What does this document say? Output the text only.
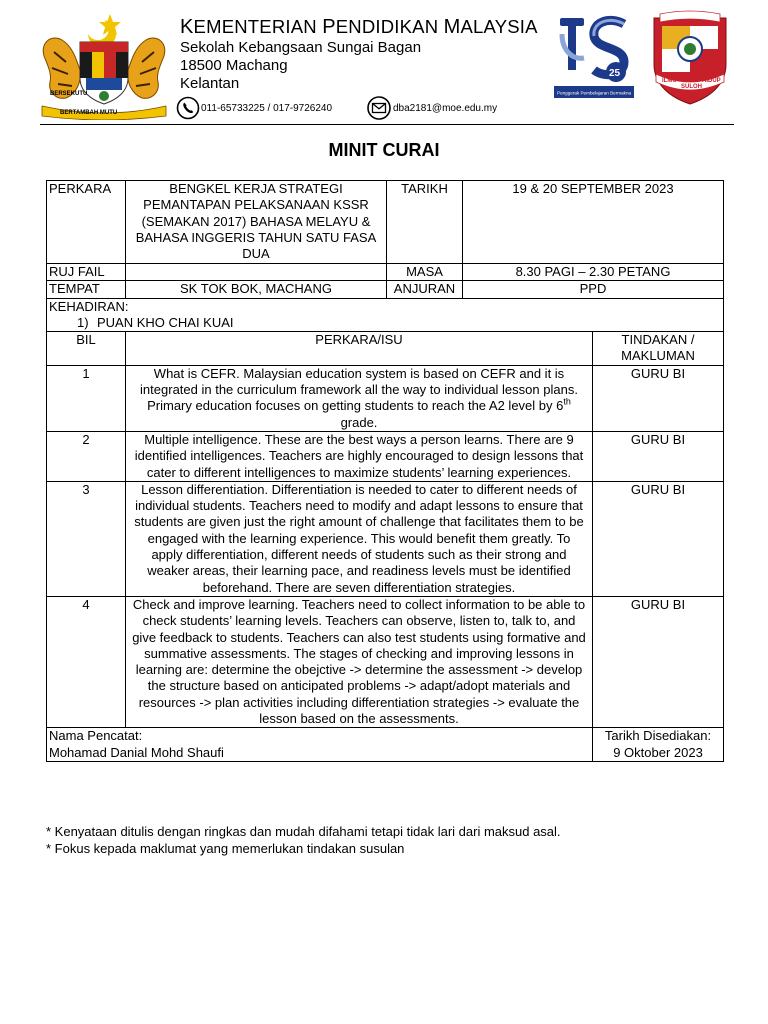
BERSEKUTU
BERTAMBAH MUTU
KEMENTERIAN PENDIDIKAN MALAYSIA
Sekolah Kebangsaan Sungai Bagan
18500 Machang
Kelantan
011-65733225 / 017-9726240	dba2181@moe.edu.my
25
Penggerak Pembelajaran Bermakna
ILMU
SULOH
HIDUP
MINIT CURAI
PERKARA	BENGKEL KERJA STRATEGI PEMANTAPAN PELAKSANAAN KSSR (SEMAKAN 2017) BAHASA MELAYU & BAHASA INGGERIS TAHUN SATU FASA DUA	TARIKH	19 & 20 SEPTEMBER 2023	
RUJ FAIL		MASA	8.30 PAGI – 2.30 PETANG	
TEMPAT	SK TOK BOK, MACHANG	ANJURAN	PPD	
KEHADIRAN:				
1) PUAN KHO CHAI KUAI				
BIL	PERKARA/ISU			TINDAKAN /
MAKLUMAN
1	What is CEFR. Malaysian education system is based on CEFR and it is integrated in the curriculum framework all the way to individual lesson plans. Primary education focuses on getting students to reach the A2 level by 6th grade.			GURU BI
2	Multiple intelligence. These are the best ways a person learns. There are 9 identified intelligences. Teachers are highly encouraged to design lessons that cater to different intelligences to maximize students’ learning experiences.			GURU BI
3	Lesson differentiation. Differentiation is needed to cater to different needs of individual students. Teachers need to modify and adapt lessons to ensure that students are given just the right amount of challenge that facilitates them to be engaged with the learning experience. This would benefit them greatly. To apply differentiation, different needs of students such as their strong and weaker areas, their learning pace, and readiness levels must be identified beforehand. There are seven differentiation strategies.			GURU BI
4	Check and improve learning. Teachers need to collect information to be able to check students’ learning levels. Teachers can observe, listen to, talk to, and give feedback to students. Teachers can also test students using formative and summative assessments. The stages of checking and improving lessons in learning are: determine the obejctive -> determine the assessment -> develop the structure based on anticipated problems -> adapt/adopt materials and resources -> plan activities including differentiation strategies -> evaluate the lesson based on the assessments.			GURU BI
Nama Pencatat:
Mohamad Danial Mohd Shaufi				Tarikh Disediakan:
9 Oktober 2023
* Kenyataan ditulis dengan ringkas dan mudah difahami tetapi tidak lari dari maksud asal.
* Fokus kepada maklumat yang memerlukan tindakan susulan
